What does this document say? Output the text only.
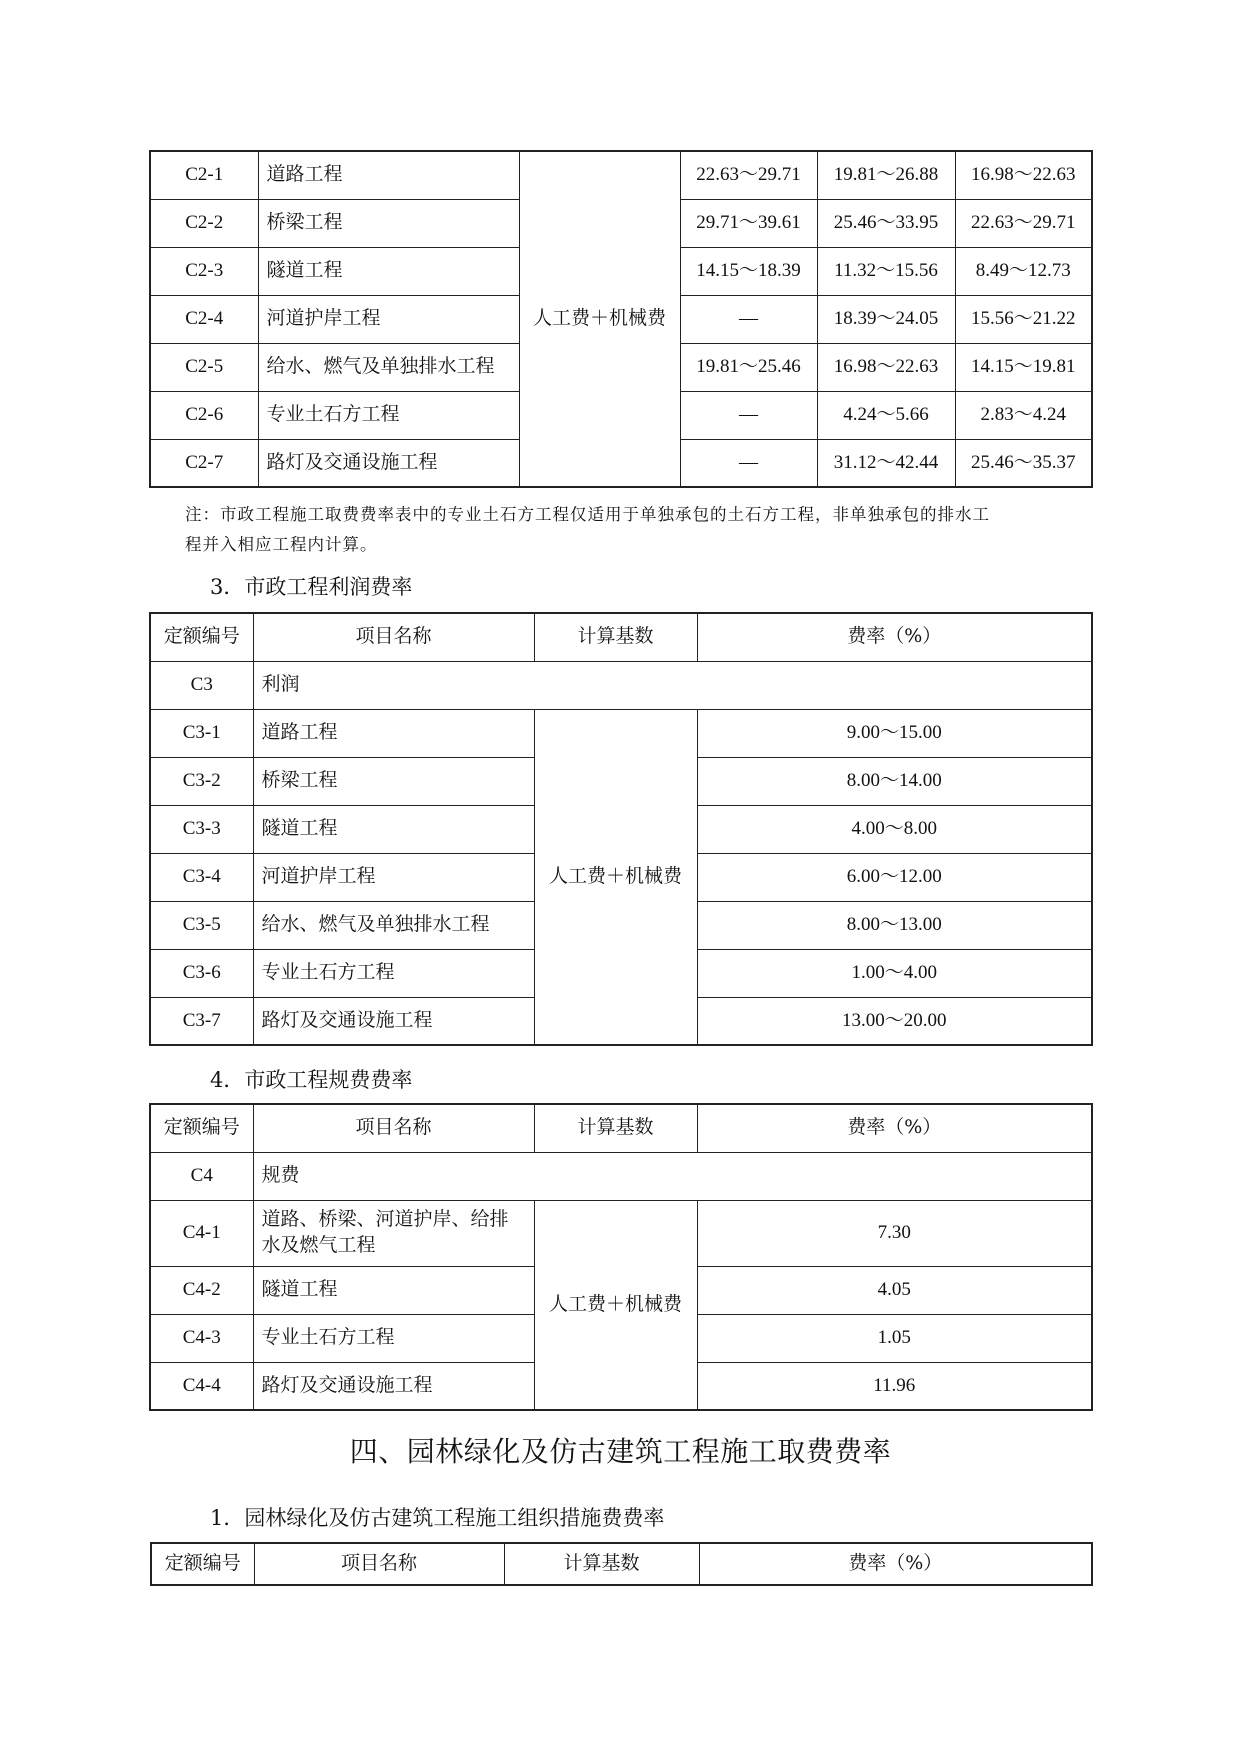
C2-1	道路工程	人工费＋机械费	22.63～29.71	19.81～26.88	16.98～22.63
C2-2	桥梁工程		29.71～39.61	25.46～33.95	22.63～29.71
C2-3	隧道工程		14.15～18.39	11.32～15.56	8.49～12.73
C2-4	河道护岸工程		—	18.39～24.05	15.56～21.22
C2-5	给水、燃气及单独排水工程		19.81～25.46	16.98～22.63	14.15～19.81
C2-6	专业土石方工程		—	4.24～5.66	2.83～4.24
C2-7	路灯及交通设施工程		—	31.12～42.44	25.46～35.37
注：市政工程施工取费费率表中的专业土石方工程仅适用于单独承包的土石方工程，非单独承包的排水工
程并入相应工程内计算。
3．市政工程利润费率
定额编号	项目名称	计算基数	费率（%）
C3	利润		
C3-1	道路工程	人工费＋机械费	9.00～15.00
C3-2	桥梁工程		8.00～14.00
C3-3	隧道工程		4.00～8.00
C3-4	河道护岸工程		6.00～12.00
C3-5	给水、燃气及单独排水工程		8.00～13.00
C3-6	专业土石方工程		1.00～4.00
C3-7	路灯及交通设施工程		13.00～20.00
4．市政工程规费费率
定额编号	项目名称	计算基数	费率（%）
C4	规费		
C4-1	道路、桥梁、河道护岸、给排水及燃气工程	人工费＋机械费	7.30
C4-2	隧道工程		4.05
C4-3	专业土石方工程		1.05
C4-4	路灯及交通设施工程		11.96
四、园林绿化及仿古建筑工程施工取费费率
1．园林绿化及仿古建筑工程施工组织措施费费率
定额编号	项目名称	计算基数	费率（%）
